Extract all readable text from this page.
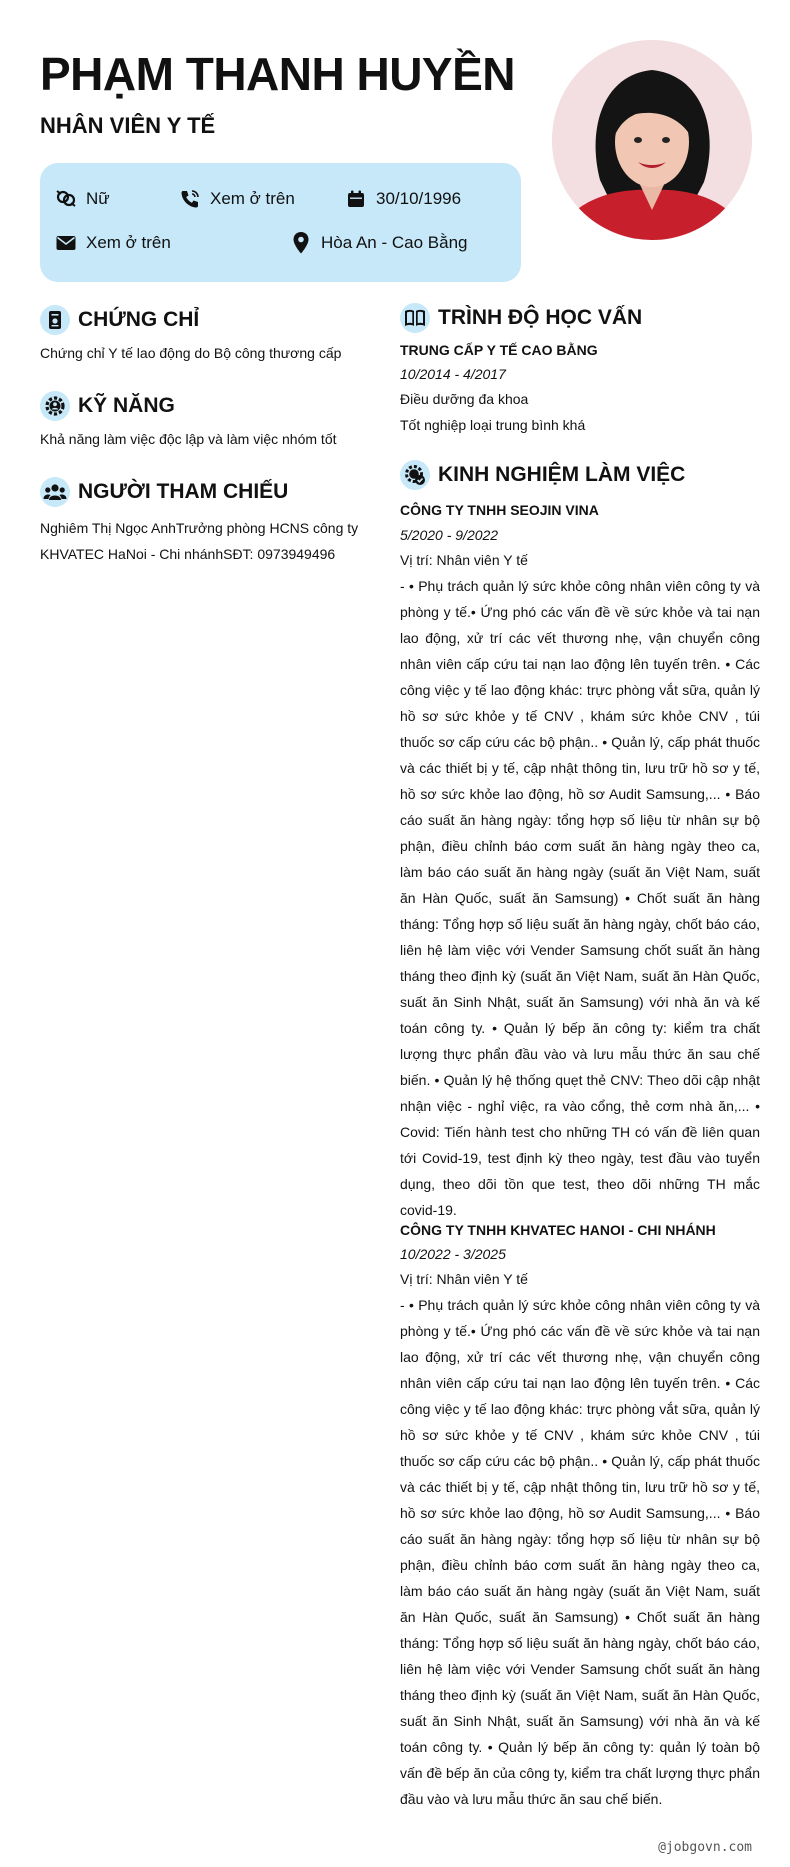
PHẠM THANH HUYỀN
NHÂN VIÊN Y TẾ
Nữ	Xem ở trên	30/10/1996
Xem ở trên	Hòa An - Cao Bằng
CHỨNG CHỈ
Chứng chỉ Y tế lao động do Bộ công thương cấp
KỸ NĂNG
Khả năng làm việc độc lập và làm việc nhóm tốt
NGƯỜI THAM CHIẾU
Nghiêm Thị Ngọc AnhTrưởng phòng HCNS công ty
KHVATEC HaNoi - Chi nhánhSĐT: 0973949496
TRÌNH ĐỘ HỌC VẤN
TRUNG CẤP Y TẾ CAO BẰNG
10/2014 - 4/2017
Điều dưỡng đa khoa
Tốt nghiệp loại trung bình khá
KINH NGHIỆM LÀM VIỆC
CÔNG TY TNHH SEOJIN VINA
5/2020 - 9/2022
Vị trí: Nhân viên Y tế
- • Phụ trách quản lý sức khỏe công nhân viên công ty và phòng y tế.• Ứng phó các vấn đề về sức khỏe và tai nạn lao động, xử trí các vết thương nhẹ, vận chuyển công nhân viên cấp cứu tai nạn lao động lên tuyến trên. • Các công việc y tế lao động khác: trực phòng vắt sữa, quản lý hồ sơ sức khỏe y tế CNV , khám sức khỏe CNV , túi thuốc sơ cấp cứu các bộ phận.. • Quản lý, cấp phát thuốc và các thiết bị y tế, cập nhật thông tin, lưu trữ hồ sơ y tế, hồ sơ sức khỏe lao động, hồ sơ Audit Samsung,... • Báo cáo suất ăn hàng ngày: tổng hợp số liệu từ nhân sự bộ phận, điều chỉnh báo cơm suất ăn hàng ngày theo ca, làm báo cáo suất ăn hàng ngày (suất ăn Việt Nam, suất ăn Hàn Quốc, suất ăn Samsung) • Chốt suất ăn hàng tháng: Tổng hợp số liệu suất ăn hàng ngày, chốt báo cáo, liên hệ làm việc với Vender Samsung chốt suất ăn hàng tháng theo định kỳ (suất ăn Việt Nam, suất ăn Hàn Quốc, suất ăn Sinh Nhật, suất ăn Samsung) với nhà ăn và kế toán công ty. • Quản lý bếp ăn công ty: kiểm tra chất lượng thực phẩn đầu vào và lưu mẫu thức ăn sau chế biến. • Quản lý hệ thống quẹt thẻ CNV: Theo dõi cập nhật nhận việc - nghỉ việc, ra vào cổng, thẻ cơm nhà ăn,... • Covid: Tiến hành test cho những TH có vấn đề liên quan tới Covid-19, test định kỳ theo ngày, test đầu vào tuyển dụng, theo dõi tồn que test, theo dõi những TH mắc covid-19.
CÔNG TY TNHH KHVATEC HANOI - CHI NHÁNH
10/2022 - 3/2025
Vị trí: Nhân viên Y tế
- • Phụ trách quản lý sức khỏe công nhân viên công ty và phòng y tế.• Ứng phó các vấn đề về sức khỏe và tai nạn lao động, xử trí các vết thương nhẹ, vận chuyển công nhân viên cấp cứu tai nạn lao động lên tuyến trên. • Các công việc y tế lao động khác: trực phòng vắt sữa, quản lý hồ sơ sức khỏe y tế CNV , khám sức khỏe CNV , túi thuốc sơ cấp cứu các bộ phận.. • Quản lý, cấp phát thuốc và các thiết bị y tế, cập nhật thông tin, lưu trữ hồ sơ y tế, hồ sơ sức khỏe lao động, hồ sơ Audit Samsung,... • Báo cáo suất ăn hàng ngày: tổng hợp số liệu từ nhân sự bộ phận, điều chỉnh báo cơm suất ăn hàng ngày theo ca, làm báo cáo suất ăn hàng ngày (suất ăn Việt Nam, suất ăn Hàn Quốc, suất ăn Samsung) • Chốt suất ăn hàng tháng: Tổng hợp số liệu suất ăn hàng ngày, chốt báo cáo, liên hệ làm việc với Vender Samsung chốt suất ăn hàng tháng theo định kỳ (suất ăn Việt Nam, suất ăn Hàn Quốc, suất ăn Sinh Nhật, suất ăn Samsung) với nhà ăn và kế toán công ty. • Quản lý bếp ăn công ty: quản lý toàn bộ vấn đề bếp ăn của công ty, kiểm tra chất lượng thực phẩn đầu vào và lưu mẫu thức ăn sau chế biến.
@jobgovn.com
